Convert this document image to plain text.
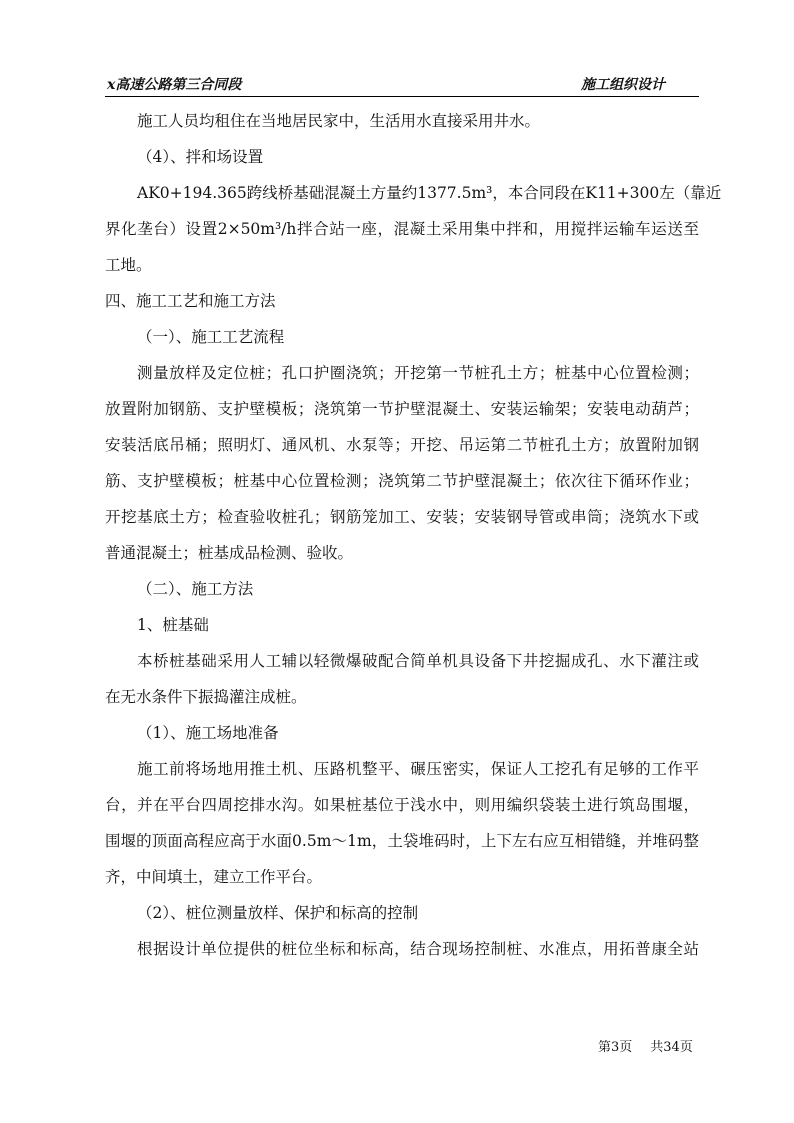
x高速公路第三合同段	施工组织设计
施工人员均租住在当地居民家中，生活用水直接采用井水。
（4）、拌和场设置
AK0+194.365跨线桥基础混凝土方量约1377.5m³，本合同段在K11+300左（靠近
界化垄台）设置2×50m³/h拌合站一座，混凝土采用集中拌和，用搅拌运输车运送至
工地。
四、施工工艺和施工方法
（一）、施工工艺流程
测量放样及定位桩；孔口护圈浇筑；开挖第一节桩孔土方；桩基中心位置检测；
放置附加钢筋、支护壁模板；浇筑第一节护壁混凝土、安装运输架；安装电动葫芦；
安装活底吊桶；照明灯、通风机、水泵等；开挖、吊运第二节桩孔土方；放置附加钢
筋、支护壁模板；桩基中心位置检测；浇筑第二节护壁混凝土；依次往下循环作业；
开挖基底土方；检查验收桩孔；钢筋笼加工、安装；安装钢导管或串筒；浇筑水下或
普通混凝土；桩基成品检测、验收。
（二）、施工方法
1、桩基础
本桥桩基础采用人工辅以轻微爆破配合简单机具设备下井挖掘成孔、水下灌注或
在无水条件下振捣灌注成桩。
（1）、施工场地准备
施工前将场地用推土机、压路机整平、碾压密实，保证人工挖孔有足够的工作平
台，并在平台四周挖排水沟。如果桩基位于浅水中，则用编织袋装土进行筑岛围堰，
围堰的顶面高程应高于水面0.5m～1m，土袋堆码时，上下左右应互相错缝，并堆码整
齐，中间填土，建立工作平台。
（2）、桩位测量放样、保护和标高的控制
根据设计单位提供的桩位坐标和标高，结合现场控制桩、水准点，用拓普康全站
第3页 共34页
